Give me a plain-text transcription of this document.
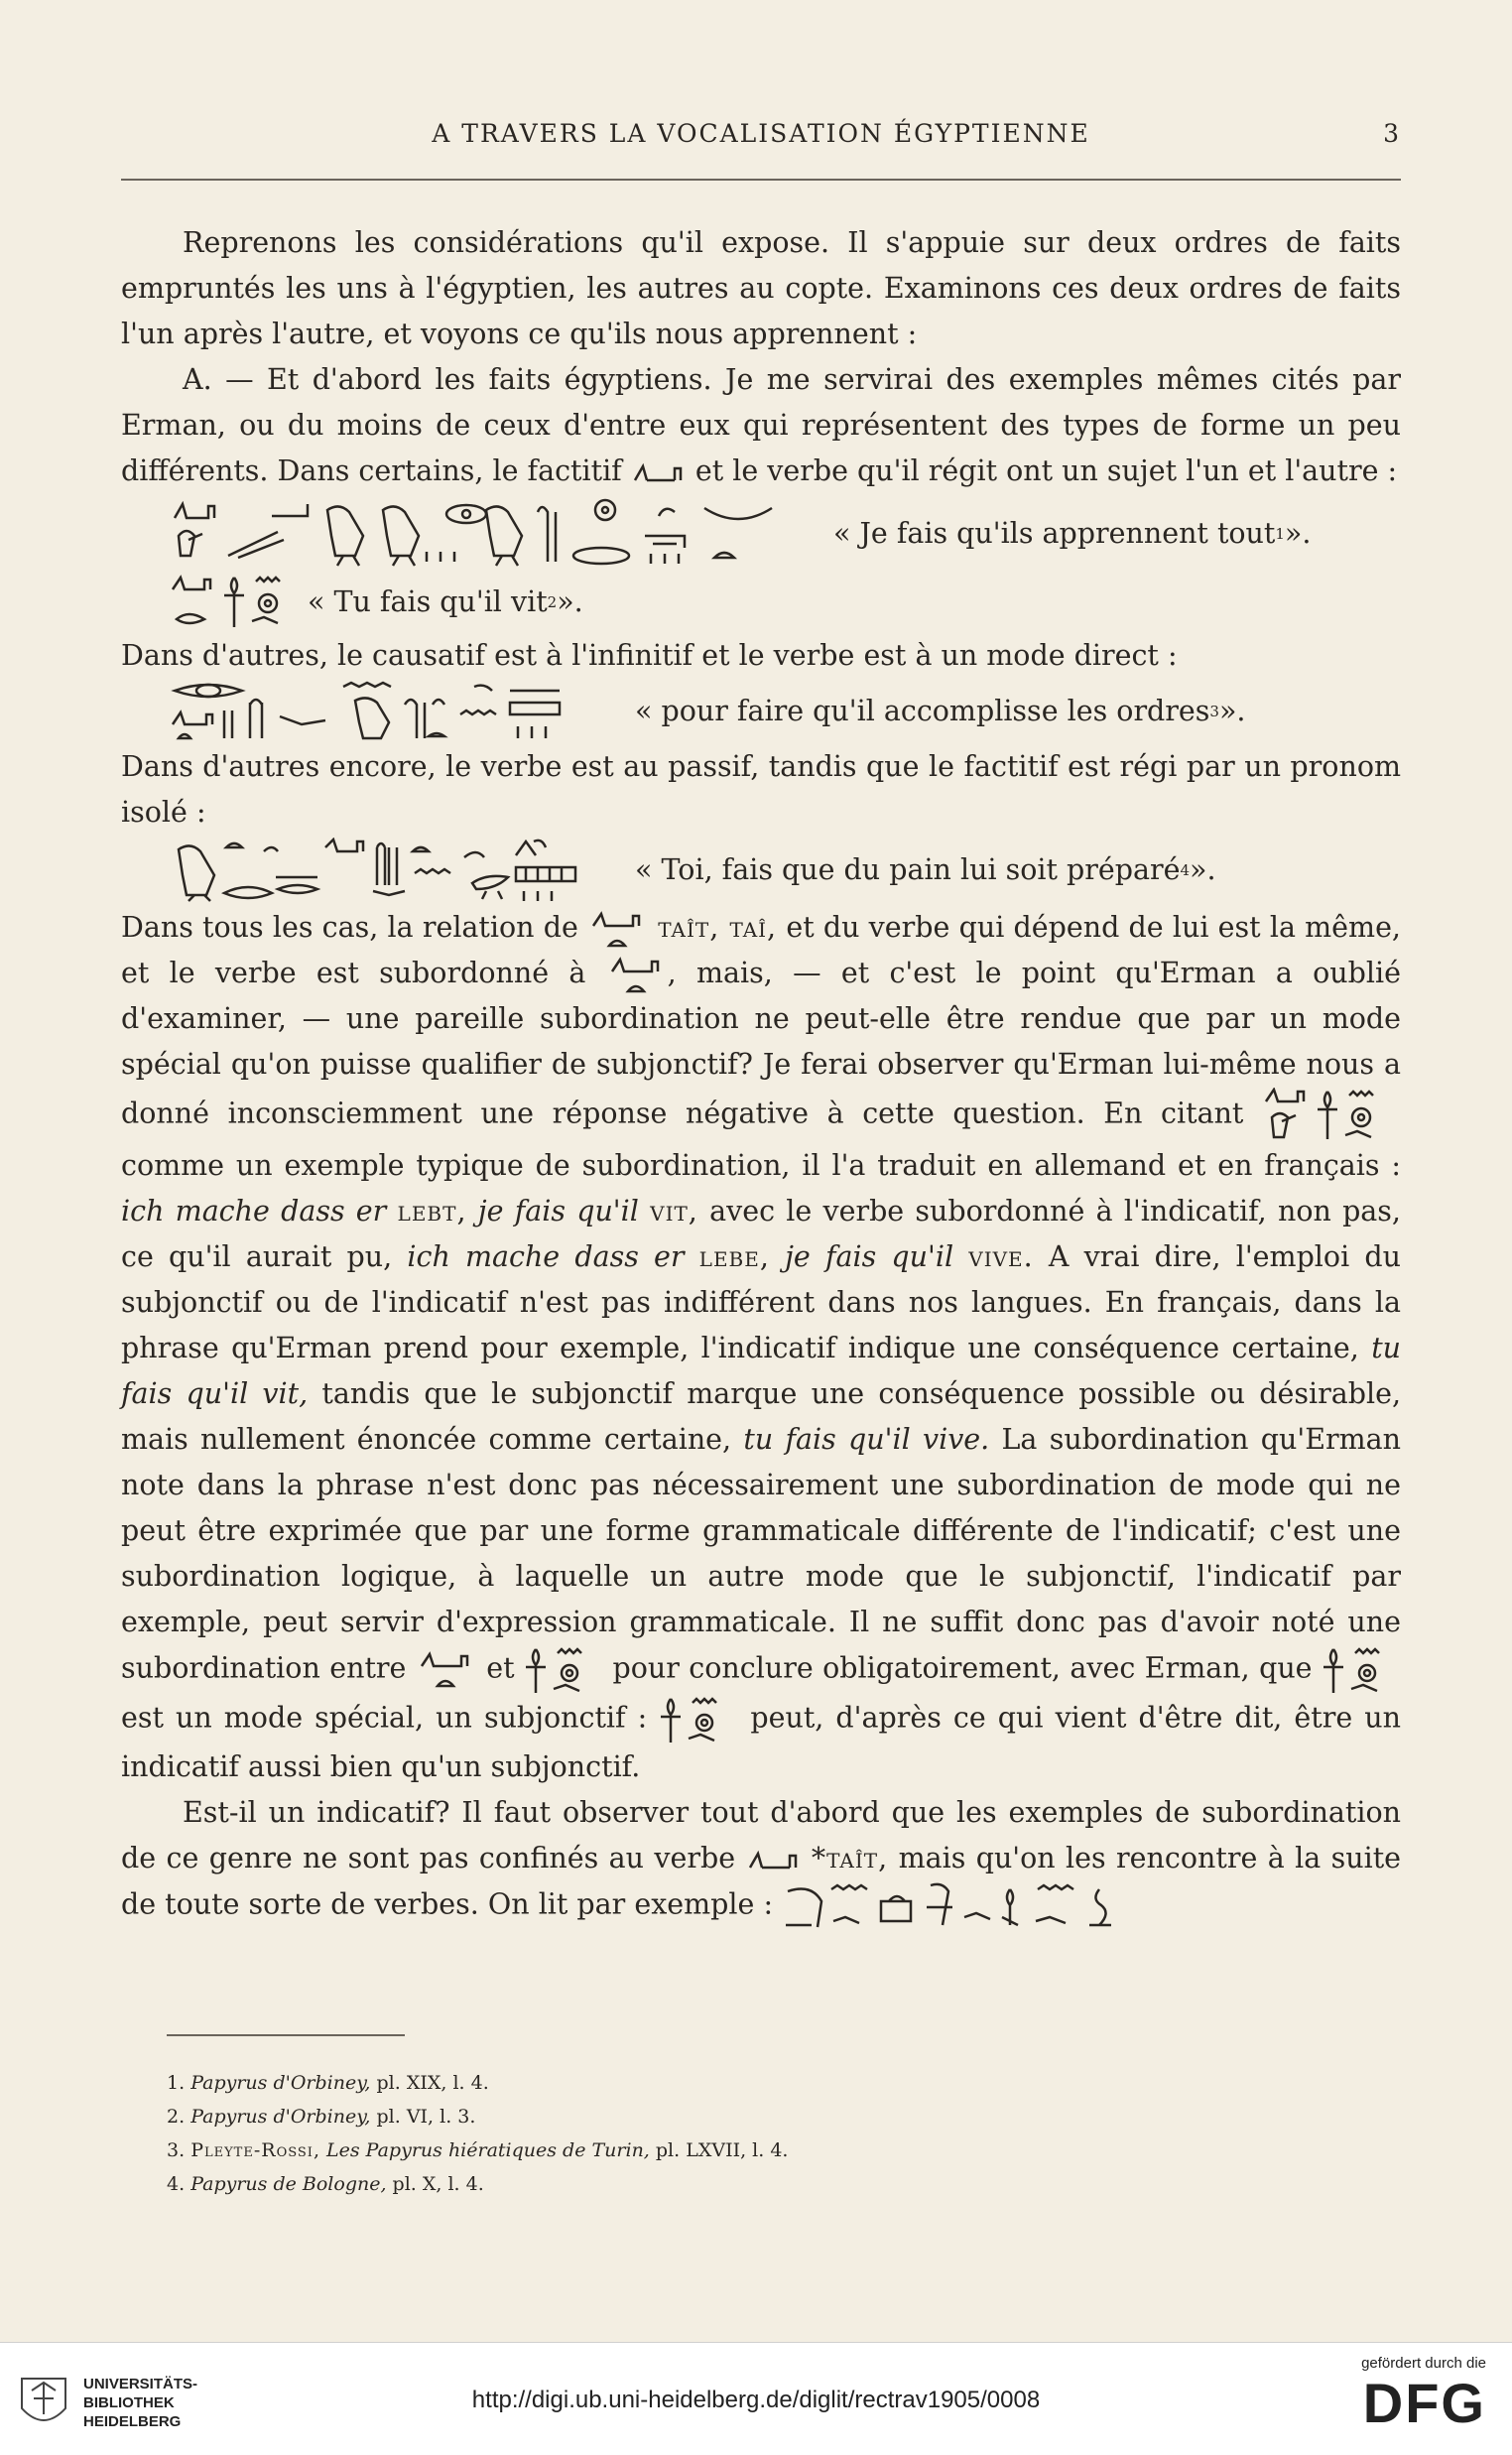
A TRAVERS LA VOCALISATION ÉGYPTIENNE	3

Reprenons les considérations qu'il expose. Il s'appuie sur deux ordres de faits empruntés les uns à l'égyptien, les autres au copte. Examinons ces deux ordres de faits l'un après l'autre, et voyons ce qu'ils nous apprennent :

A. — Et d'abord les faits égyptiens. Je me servirai des exemples mêmes cités par Erman, ou du moins de ceux d'entre eux qui représentent des types de forme un peu différents. Dans certains, le factitif	et le verbe qu'il régit ont un sujet l'un et l'autre :

« Je fais qu'ils apprennent tout 1 ».
« Tu fais qu'il vit 2 ».

Dans d'autres, le causatif est à l'infinitif et le verbe est à un mode direct :

« pour faire qu'il accomplisse les ordres 3 ».

Dans d'autres encore, le verbe est au passif, tandis que le factitif est régi par un pronom isolé :

« Toi, fais que du pain lui soit préparé 4 ».

Dans tous les cas, la relation de	taît, taî, et du verbe qui dépend de lui est la même, et le verbe est subordonné à	, mais, — et c'est le point qu'Erman a oublié d'examiner, — une pareille subordination ne peut-elle être rendue que par un mode spécial qu'on puisse qualifier de subjonctif? Je ferai observer qu'Erman lui-même nous a donné inconsciemment une réponse négative à cette question. En citant  comme un exemple typique de subordination, il l'a traduit en allemand et en français : ich mache dass er lebt, je fais qu'il vit, avec le verbe subordonné à l'indicatif, non pas, ce qu'il aurait pu, ich mache dass er lebe, je fais qu'il vive. A vrai dire, l'emploi du subjonctif ou de l'indicatif n'est pas indifférent dans nos langues. En français, dans la phrase qu'Erman prend pour exemple, l'indicatif indique une conséquence certaine, tu fais qu'il vit, tandis que le subjonctif marque une conséquence possible ou désirable, mais nullement énoncée comme certaine, tu fais qu'il vive. La subordination qu'Erman note dans la phrase n'est donc pas nécessairement une subordination de mode qui ne peut être exprimée que par une forme grammaticale différente de l'indicatif; c'est une subordination logique, à laquelle un autre mode que le subjonctif, l'indicatif par exemple, peut servir d'expression grammaticale. Il ne suffit donc pas d'avoir noté une subordination entre	et	pour conclure obligatoirement, avec Erman, que  est un mode spécial, un subjonctif :	peut, d'après ce qui vient d'être dit, être un indicatif aussi bien qu'un subjonctif.

Est-il un indicatif? Il faut observer tout d'abord que les exemples de subordination de ce genre ne sont pas confinés au verbe	*taît, mais qu'on les rencontre à la suite de toute sorte de verbes. On lit par exemple :

1. Papyrus d'Orbiney, pl. XIX, l. 4.
2. Papyrus d'Orbiney, pl. VI, l. 3.
3. Pleyte-Rossi, Les Papyrus hiératiques de Turin, pl. LXVII, l. 4.
4. Papyrus de Bologne, pl. X, l. 4.
UNIVERSITÄTS-
BIBLIOTHEK
HEIDELBERG
http://digi.ub.uni-heidelberg.de/diglit/rectrav1905/0008
gefördert durch die
DFG
